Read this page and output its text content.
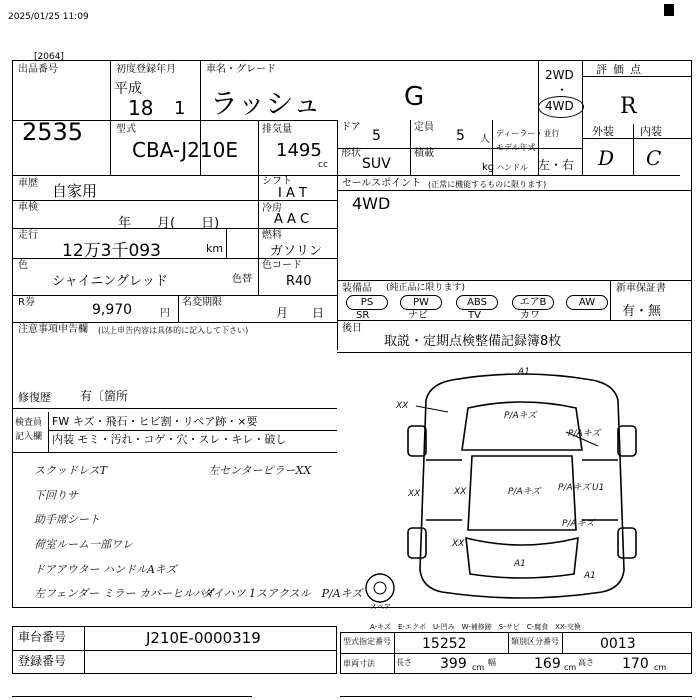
2025/01/25 11:09
[2064]
出品番号
2535
初度登録年月
平成
18 1
車名・グレード
ラッシュ	G
2WD
・
4WD
評価点
R
外装 内装
D C
型式
CBA-J210E
排気量
1495
cc
ドア
5
定員
5 人
ディーラー・並行
形状
SUV
積載
kg
モデル年式
ハンドル 左・右
車歴 自家用
車検
年　　月(　　日)
走行
12万3千093	km
シフト
I A T
冷房
A A C
燃料
ガソリン
色
シャイニングレッド	色替
色コード
R40
R券	9,970	円
名変期限
月　　日
セールスポイント (正常に機能するものに限ります)
4WD
装備品 (純正品に限ります)
PS	PW	ABS	エアB	AW
SR	ナビ	TV	カワ
新車保証書
有・無
後日
取説・定期点検整備記録簿8枚
注意事項申告欄 (以上申告内容は具体的に記入して下さい)
修復歴 有〔箇所
検査員
記入欄
FW キズ・飛石・ヒビ割・リペア跡・×要
内装 モミ・汚れ・コゲ・穴・スレ・キレ・破し
スクッドレスT
下回りサ
助手席シート
荷室ルーム一部ワレ
ドアアウター ハンドルAキズ
左フェンダー ミラー カバーヒルパイ
左センターピラーXX
ダイハツ 1スアクスル　P/Aキズ
スペア
A1
XX
P/Aキズ
P/Aキズ
P/Aキズ
XX	XX	P/Aキズ
XX
A1
P/Aキズ
U1
A1
A-キズ　E-エクボ　U-凹み　W-補修跡　S-サビ　C-腐食　XX-交換
車台番号	J210E-0000319
登録番号
型式指定番号 15252	類別区分番号	0013
車両寸法	長さ 399 cm
幅	169 cm
高さ 170 cm
